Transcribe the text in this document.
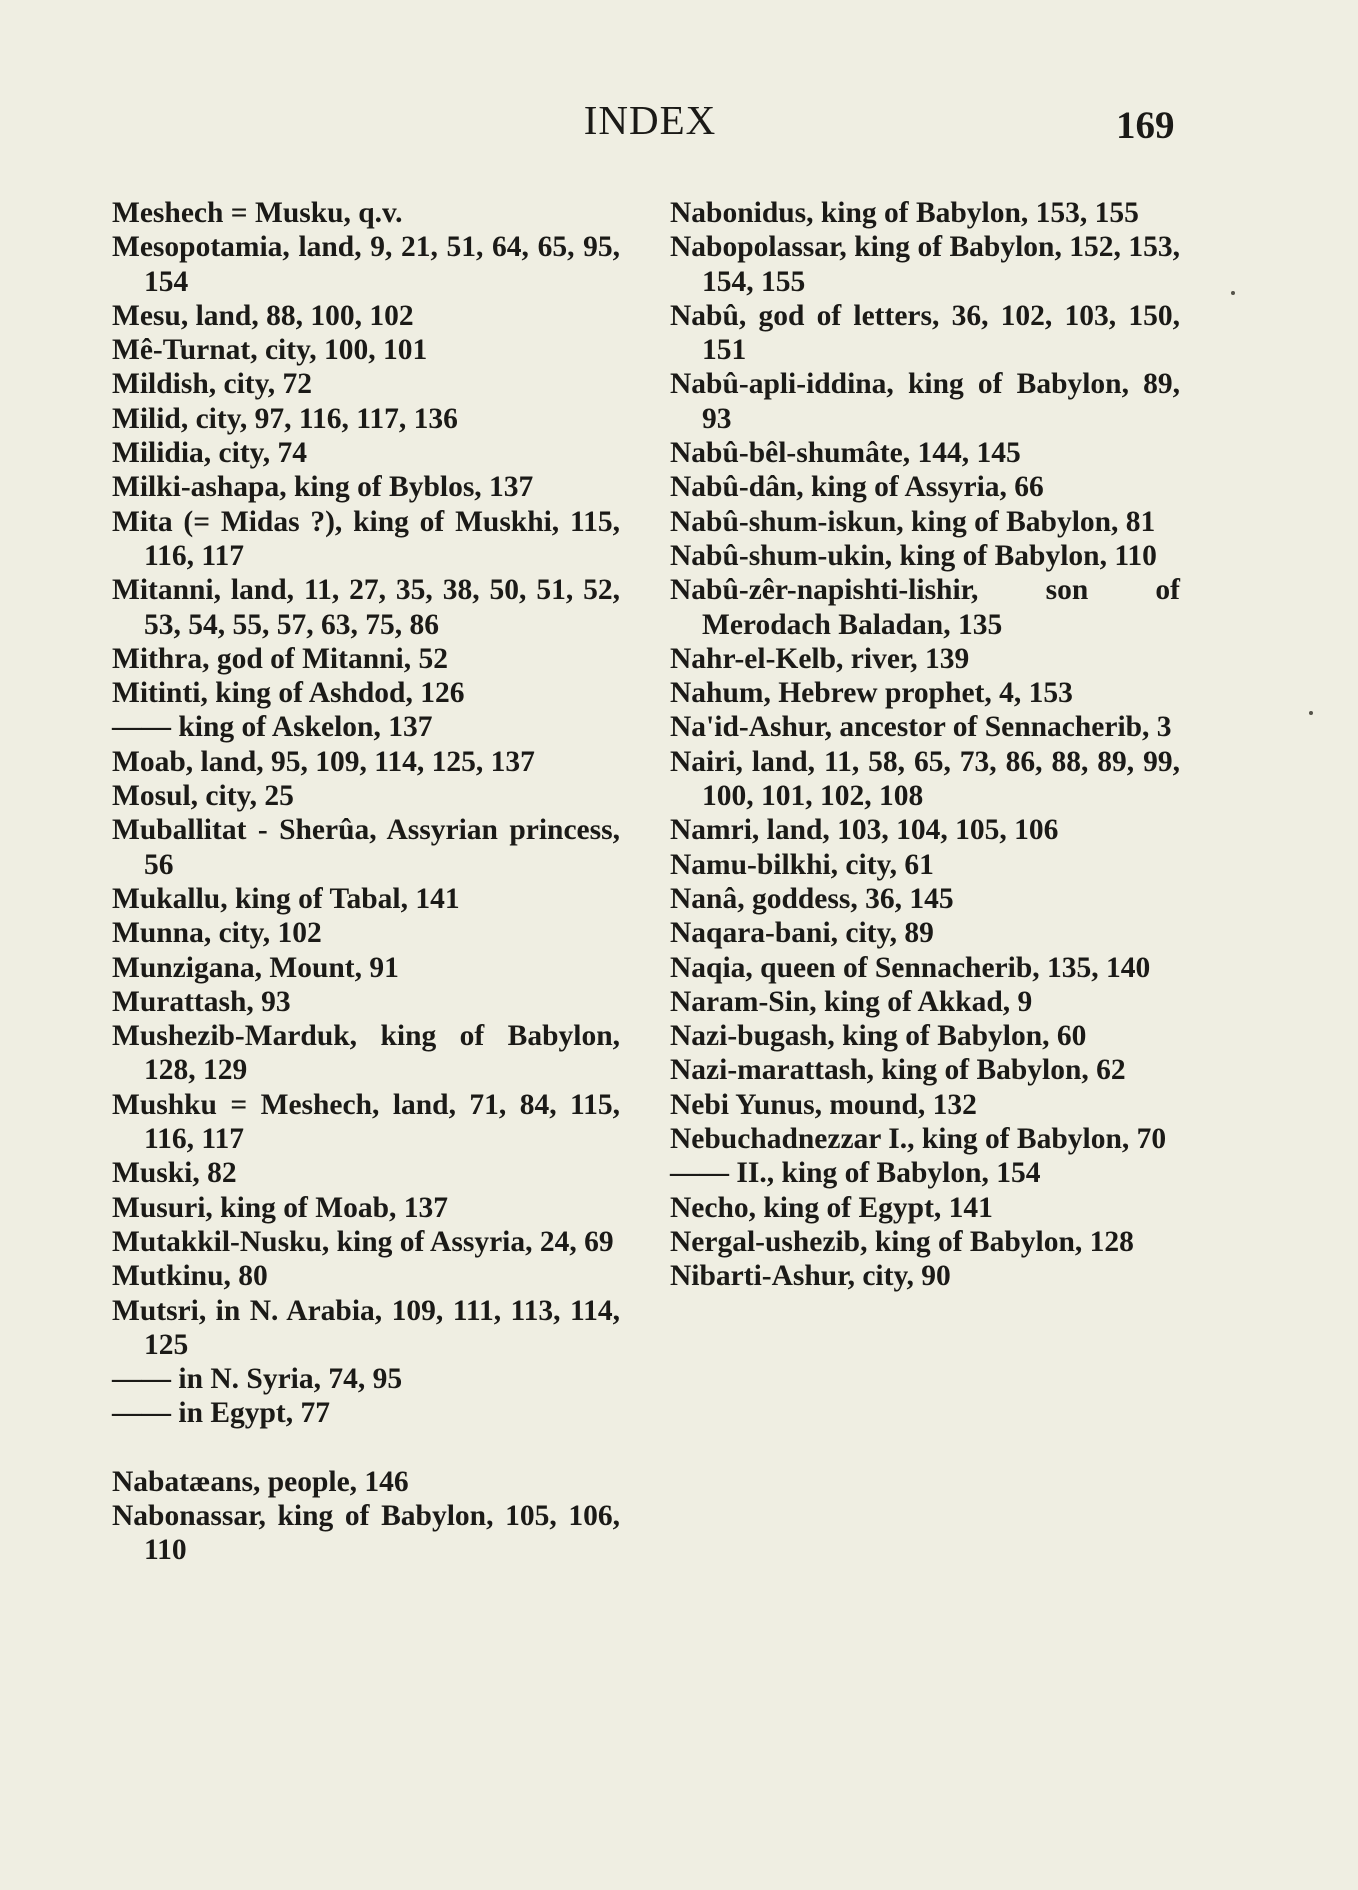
INDEX	169

Meshech = Musku, q.v.

Mesopotamia, land, 9, 21, 51, 64, 65, 95, 154

Mesu, land, 88, 100, 102

Mê-Turnat, city, 100, 101

Mildish, city, 72

Milid, city, 97, 116, 117, 136

Milidia, city, 74

Milki-ashapa, king of Byblos, 137

Mita (= Midas ?), king of Muskhi, 115, 116, 117

Mitanni, land, 11, 27, 35, 38, 50, 51, 52, 53, 54, 55, 57, 63, 75, 86

Mithra, god of Mitanni, 52

Mitinti, king of Ashdod, 126

—— king of Askelon, 137

Moab, land, 95, 109, 114, 125, 137

Mosul, city, 25

Muballitat - Sherûa, Assyrian princess, 56

Mukallu, king of Tabal, 141

Munna, city, 102

Munzigana, Mount, 91

Murattash, 93

Mushezib-Marduk, king of Babylon, 128, 129

Mushku = Meshech, land, 71, 84, 115, 116, 117

Muski, 82

Musuri, king of Moab, 137

Mutakkil-Nusku, king of Assyria, 24, 69

Mutkinu, 80

Mutsri, in N. Arabia, 109, 111, 113, 114, 125

—— in N. Syria, 74, 95

—— in Egypt, 77

Nabatæans, people, 146

Nabonassar, king of Babylon, 105, 106, 110

Nabonidus, king of Babylon, 153, 155

Nabopolassar, king of Babylon, 152, 153, 154, 155

Nabû, god of letters, 36, 102, 103, 150, 151

Nabû-apli-iddina, king of Babylon, 89, 93

Nabû-bêl-shumâte, 144, 145

Nabû-dân, king of Assyria, 66

Nabû-shum-iskun, king of Babylon, 81

Nabû-shum-ukin, king of Babylon, 110

Nabû-zêr-napishti-lishir, son of Merodach Baladan, 135

Nahr-el-Kelb, river, 139

Nahum, Hebrew prophet, 4, 153

Na'id-Ashur, ancestor of Sennacherib, 3

Nairi, land, 11, 58, 65, 73, 86, 88, 89, 99, 100, 101, 102, 108

Namri, land, 103, 104, 105, 106

Namu-bilkhi, city, 61

Nanâ, goddess, 36, 145

Naqara-bani, city, 89

Naqia, queen of Sennacherib, 135, 140

Naram-Sin, king of Akkad, 9

Nazi-bugash, king of Babylon, 60

Nazi-marattash, king of Babylon, 62

Nebi Yunus, mound, 132

Nebuchadnezzar I., king of Babylon, 70

—— II., king of Babylon, 154

Necho, king of Egypt, 141

Nergal-ushezib, king of Babylon, 128

Nibarti-Ashur, city, 90
